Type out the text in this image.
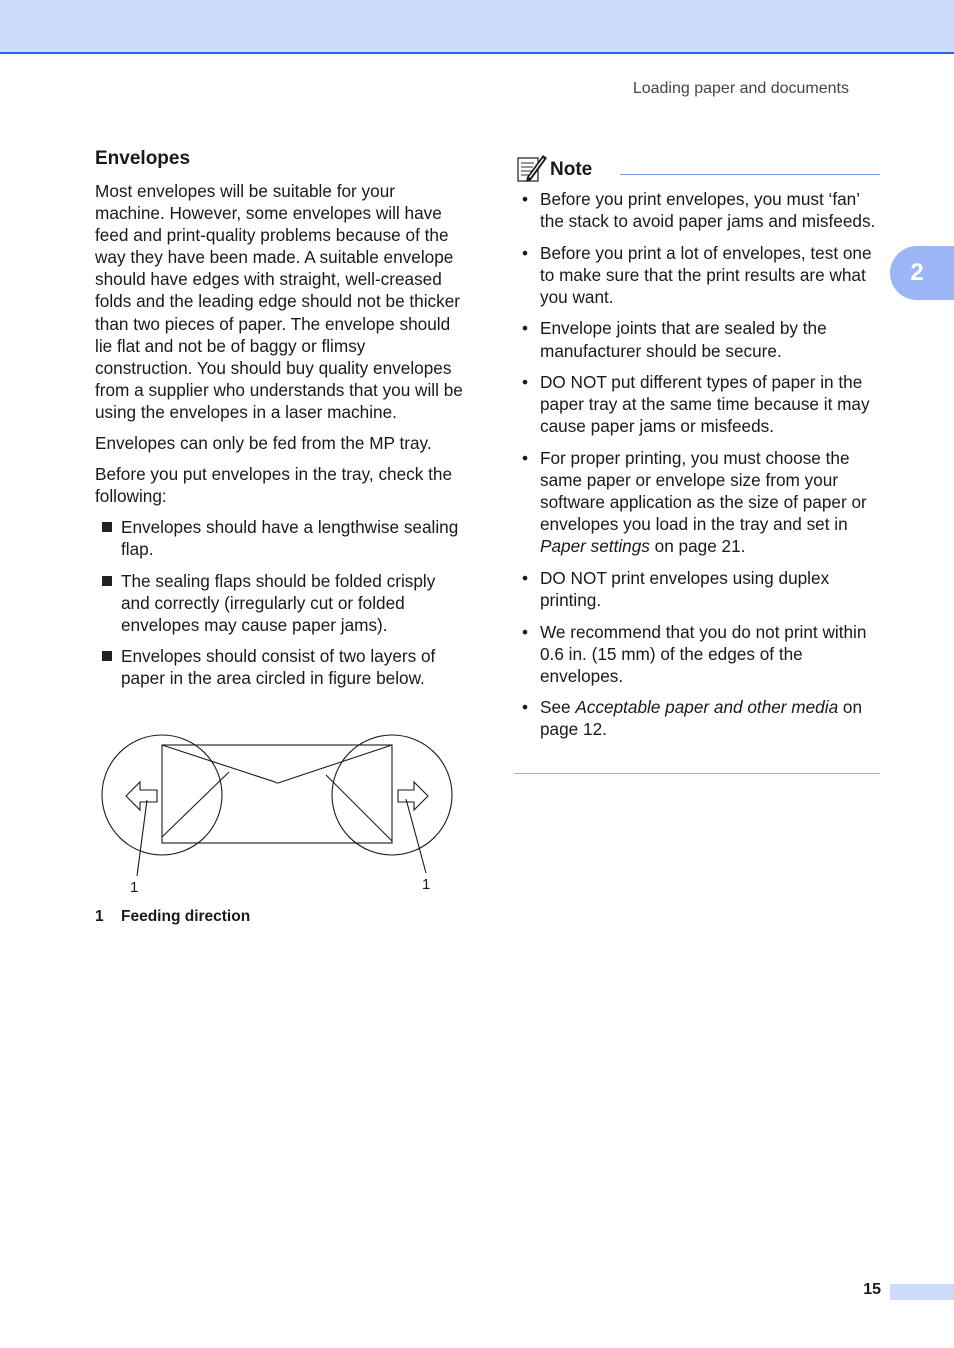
Loading paper and documents
2
Envelopes

Most envelopes will be suitable for your machine. However, some envelopes will have feed and print-quality problems because of the way they have been made. A suitable envelope should have edges with straight, well-creased folds and the leading edge should not be thicker than two pieces of paper. The envelope should lie flat and not be of baggy or flimsy construction. You should buy quality envelopes from a supplier who understands that you will be using the envelopes in a laser machine.

Envelopes can only be fed from the MP tray.

Before you put envelopes in the tray, check the following:

Envelopes should have a lengthwise sealing flap.
The sealing flaps should be folded crisply and correctly (irregularly cut or folded envelopes may cause paper jams).
Envelopes should consist of two layers of paper in the area circled in figure below.
1	1
1 Feeding direction
Note
• Before you print envelopes, you must ‘fan’ the stack to avoid paper jams and misfeeds.
• Before you print a lot of envelopes, test one to make sure that the print results are what you want.
• Envelope joints that are sealed by the manufacturer should be secure.
• DO NOT put different types of paper in the paper tray at the same time because it may cause paper jams or misfeeds.
• For proper printing, you must choose the same paper or envelope size from your software application as the size of paper or envelopes you load in the tray and set in Paper settings on page 21.
• DO NOT print envelopes using duplex printing.
• We recommend that you do not print within 0.6 in. (15 mm) of the edges of the envelopes.
• See Acceptable paper and other media on page 12.
15
